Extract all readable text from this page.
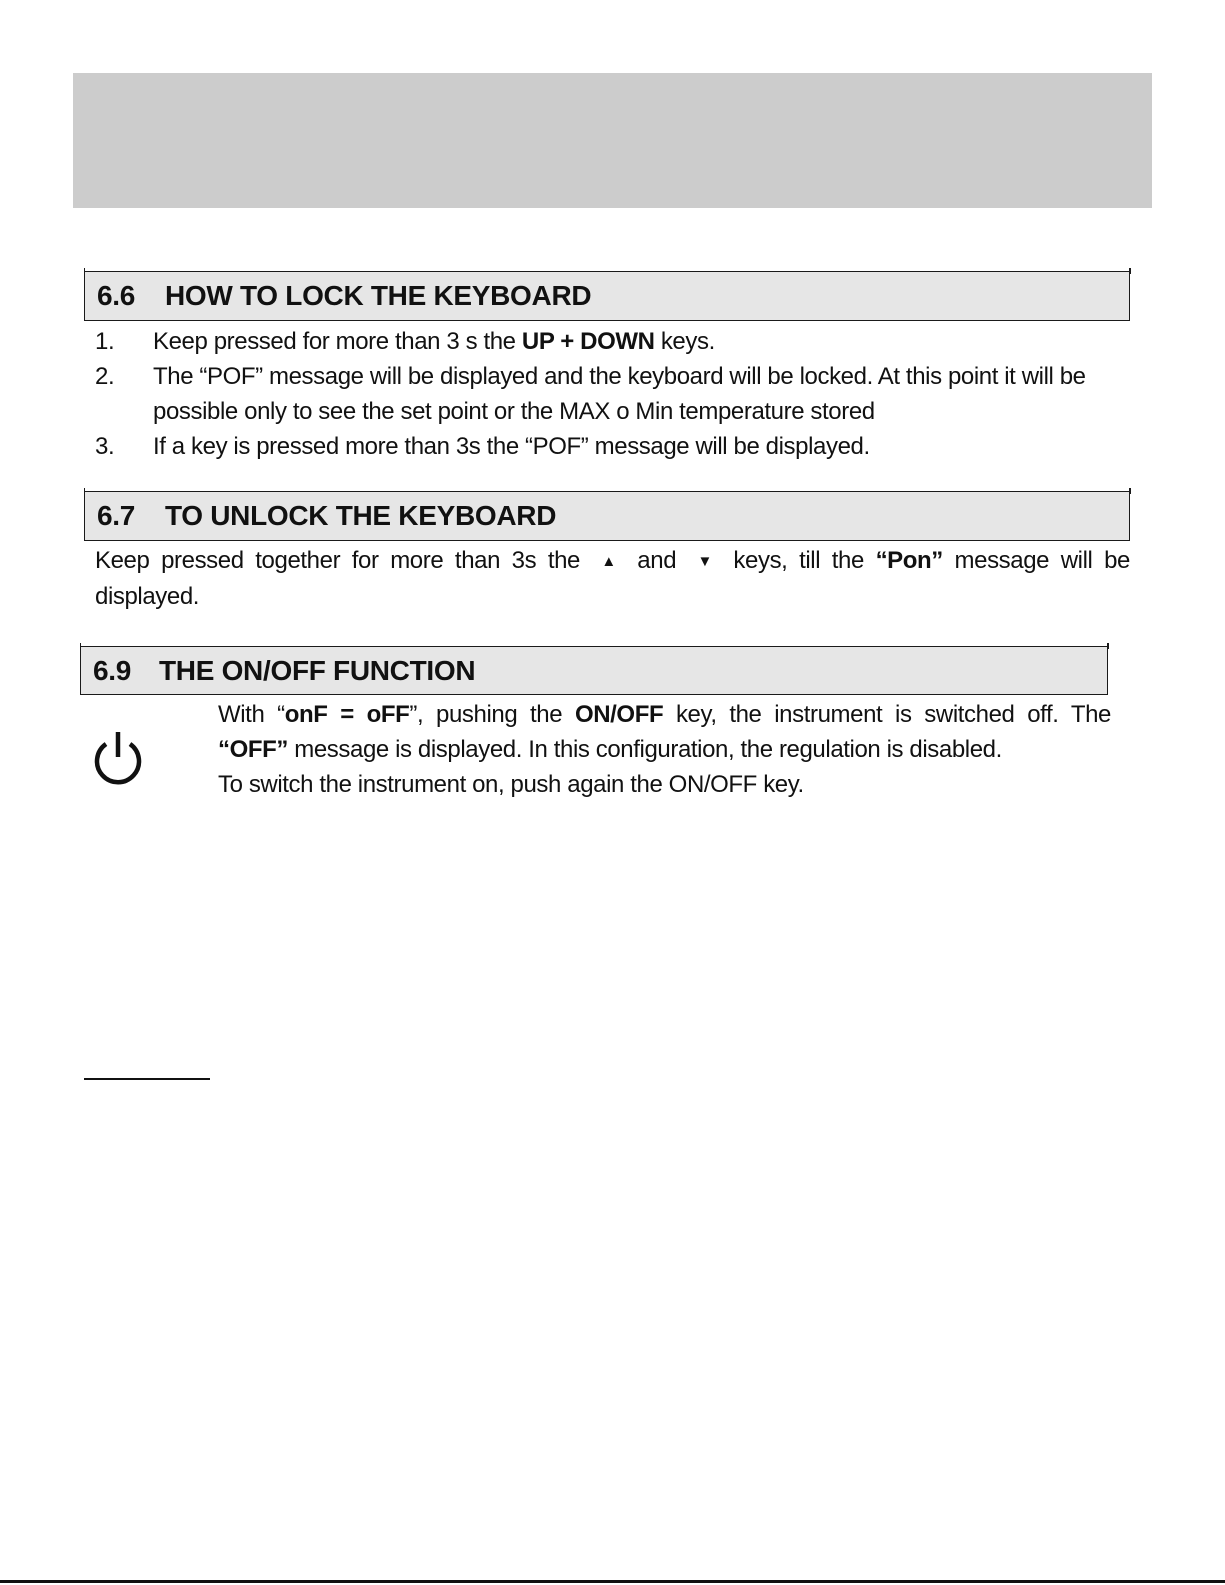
6.6	HOW TO LOCK THE KEYBOARD
1.	Keep pressed for more than 3 s the UP + DOWN keys.
2.	The “POF” message will be displayed and the keyboard will be locked. At this point it will be possible only to see the set point or the MAX o Min temperature stored
3.	If a key is pressed more than 3s the “POF” message will be displayed.
6.7	TO UNLOCK THE KEYBOARD
Keep pressed together for more than 3s the ▲ and ▼ keys, till the “Pon” message will be displayed.
6.9 THE ON/OFF FUNCTION

With “onF = oFF”, pushing the ON/OFF key, the instrument is switched off. The

“OFF” message is displayed. In this configuration, the regulation is disabled.

To switch the instrument on, push again the ON/OFF key.
